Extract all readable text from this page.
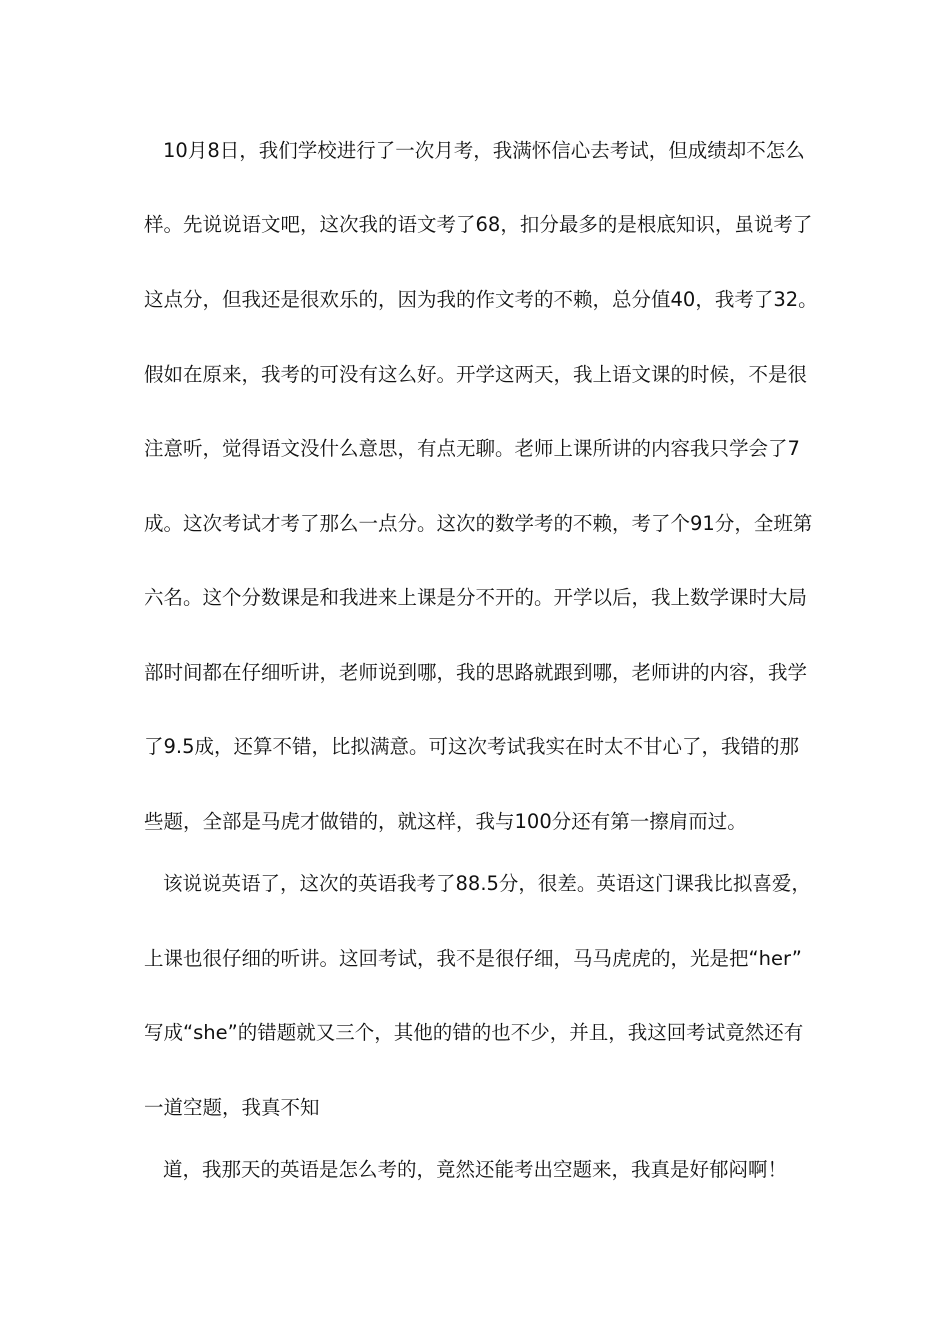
10月8日，我们学校进行了一次月考，我满怀信心去考试，但成绩却不怎么
样。先说说语文吧，这次我的语文考了68，扣分最多的是根底知识，虽说考了
这点分，但我还是很欢乐的，因为我的作文考的不赖，总分值40，我考了32。
假如在原来，我考的可没有这么好。开学这两天，我上语文课的时候，不是很
注意听，觉得语文没什么意思，有点无聊。老师上课所讲的内容我只学会了7
成。这次考试才考了那么一点分。这次的数学考的不赖，考了个91分，全班第
六名。这个分数课是和我进来上课是分不开的。开学以后，我上数学课时大局
部时间都在仔细听讲，老师说到哪，我的思路就跟到哪，老师讲的内容，我学
了9.5成，还算不错，比拟满意。可这次考试我实在时太不甘心了，我错的那
些题，全部是马虎才做错的，就这样，我与100分还有第一擦肩而过。
该说说英语了，这次的英语我考了88.5分，很差。英语这门课我比拟喜爱，
上课也很仔细的听讲。这回考试，我不是很仔细，马马虎虎的，光是把“her”
写成“she”的错题就又三个，其他的错的也不少，并且，我这回考试竟然还有
一道空题，我真不知
道，我那天的英语是怎么考的，竟然还能考出空题来，我真是好郁闷啊！
